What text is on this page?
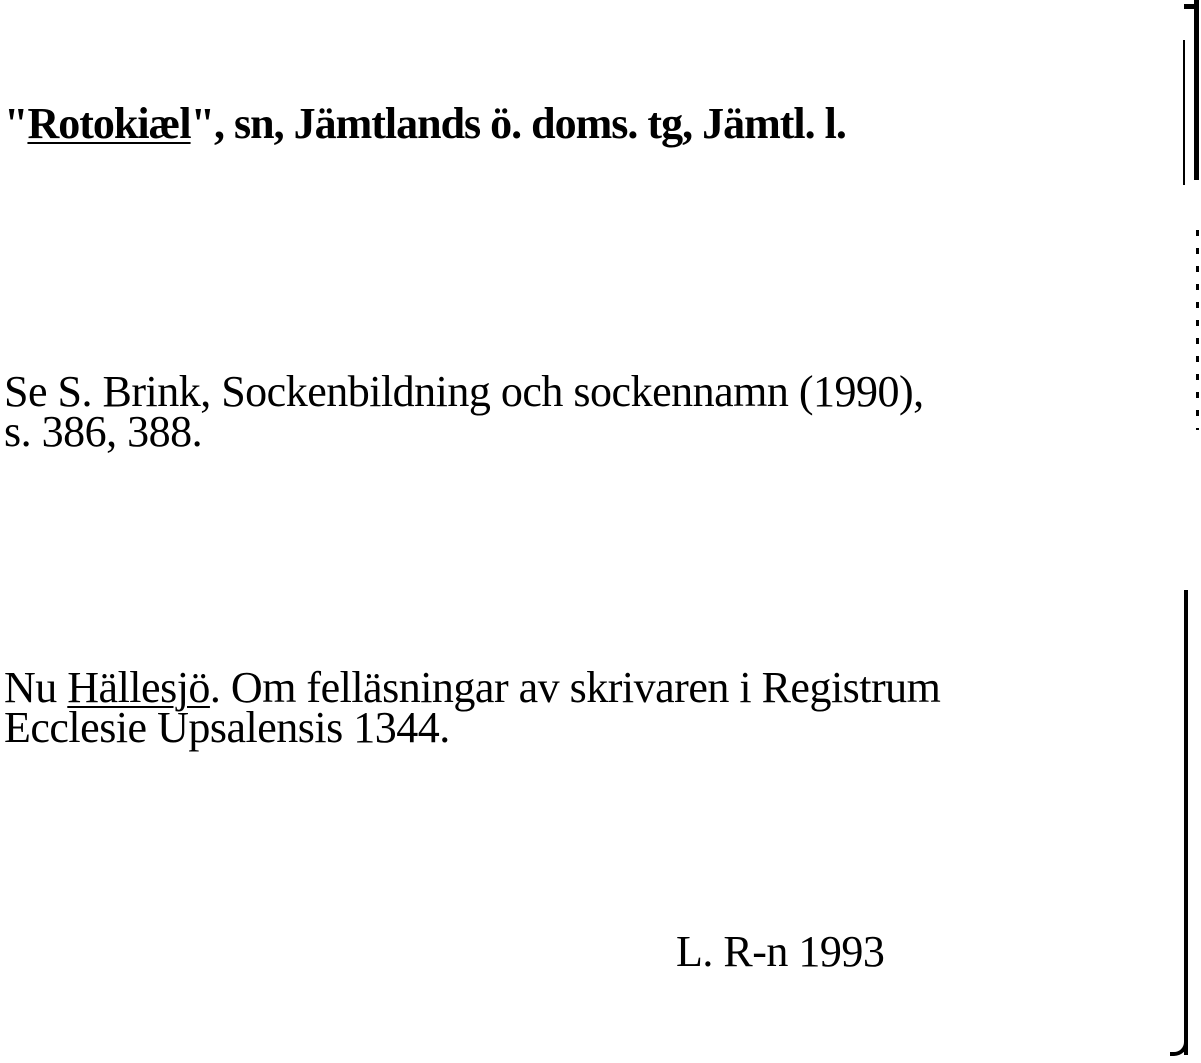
"Rotokiæl", sn, Jämtlands ö. doms. tg, Jämtl. l.
Se S. Brink, Sockenbildning och sockennamn (1990),
s. 386, 388.
Nu Hällesjö. Om felläsningar av skrivaren i Registrum
Ecclesie Upsalensis 1344.
L. R-n 1993
